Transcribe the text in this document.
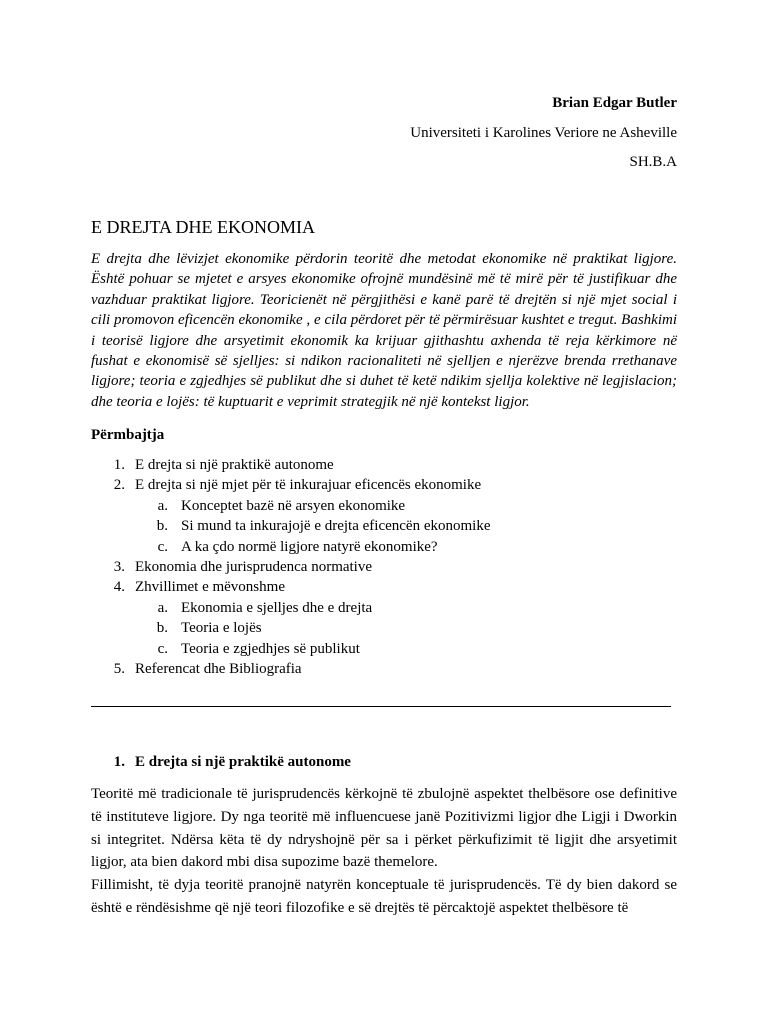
Brian Edgar Butler
Universiteti i Karolines Veriore ne Asheville
SH.B.A
E DREJTA DHE EKONOMIA
E drejta dhe lëvizjet ekonomike përdorin teoritë dhe metodat ekonomike në praktikat ligjore. Është pohuar se mjetet e arsyes ekonomike ofrojnë mundësinë më të mirë për të justifikuar dhe vazhduar praktikat ligjore. Teoricienët në përgjithësi e kanë parë të drejtën si një mjet social i cili promovon eficencën ekonomike , e cila përdoret për të përmirësuar kushtet e tregut. Bashkimi i teorisë ligjore dhe arsyetimit ekonomik ka krijuar gjithashtu axhenda të reja kërkimore në fushat e ekonomisë së sjelljes: si ndikon racionaliteti në sjelljen e njerëzve brenda rrethanave ligjore; teoria e zgjedhjes së publikut dhe si duhet të ketë ndikim sjellja kolektive në legjislacion; dhe teoria e lojës: të kuptuarit e veprimit strategjik në një kontekst ligjor.
Përmbajtja
1. E drejta si një praktikë autonome
2. E drejta si një mjet për të inkurajuar eficencës ekonomike
a. Konceptet bazë në arsyen ekonomike
b. Si mund ta inkurajojë e drejta eficencën ekonomike
c. A ka çdo normë ligjore natyrë ekonomike?
3. Ekonomia dhe jurisprudenca normative
4. Zhvillimet e mëvonshme
a. Ekonomia e sjelljes dhe e drejta
b. Teoria e lojës
c. Teoria e zgjedhjes së publikut
5. Referencat dhe Bibliografia
1. E drejta si një praktikë autonome
Teoritë më tradicionale të jurisprudencës kërkojnë të zbulojnë aspektet thelbësore ose definitive të instituteve ligjore. Dy nga teoritë më influencuese janë Pozitivizmi ligjor dhe Ligji i Dworkin si integritet. Ndërsa këta të dy ndryshojnë për sa i përket përkufizimit të ligjit dhe arsyetimit ligjor, ata bien dakord mbi disa supozime bazë themelore.
Fillimisht, të dyja teoritë pranojnë natyrën konceptuale të jurisprudencës. Të dy bien dakord se është e rëndësishme që një teori filozofike e së drejtës të përcaktojë aspektet thelbësore të
